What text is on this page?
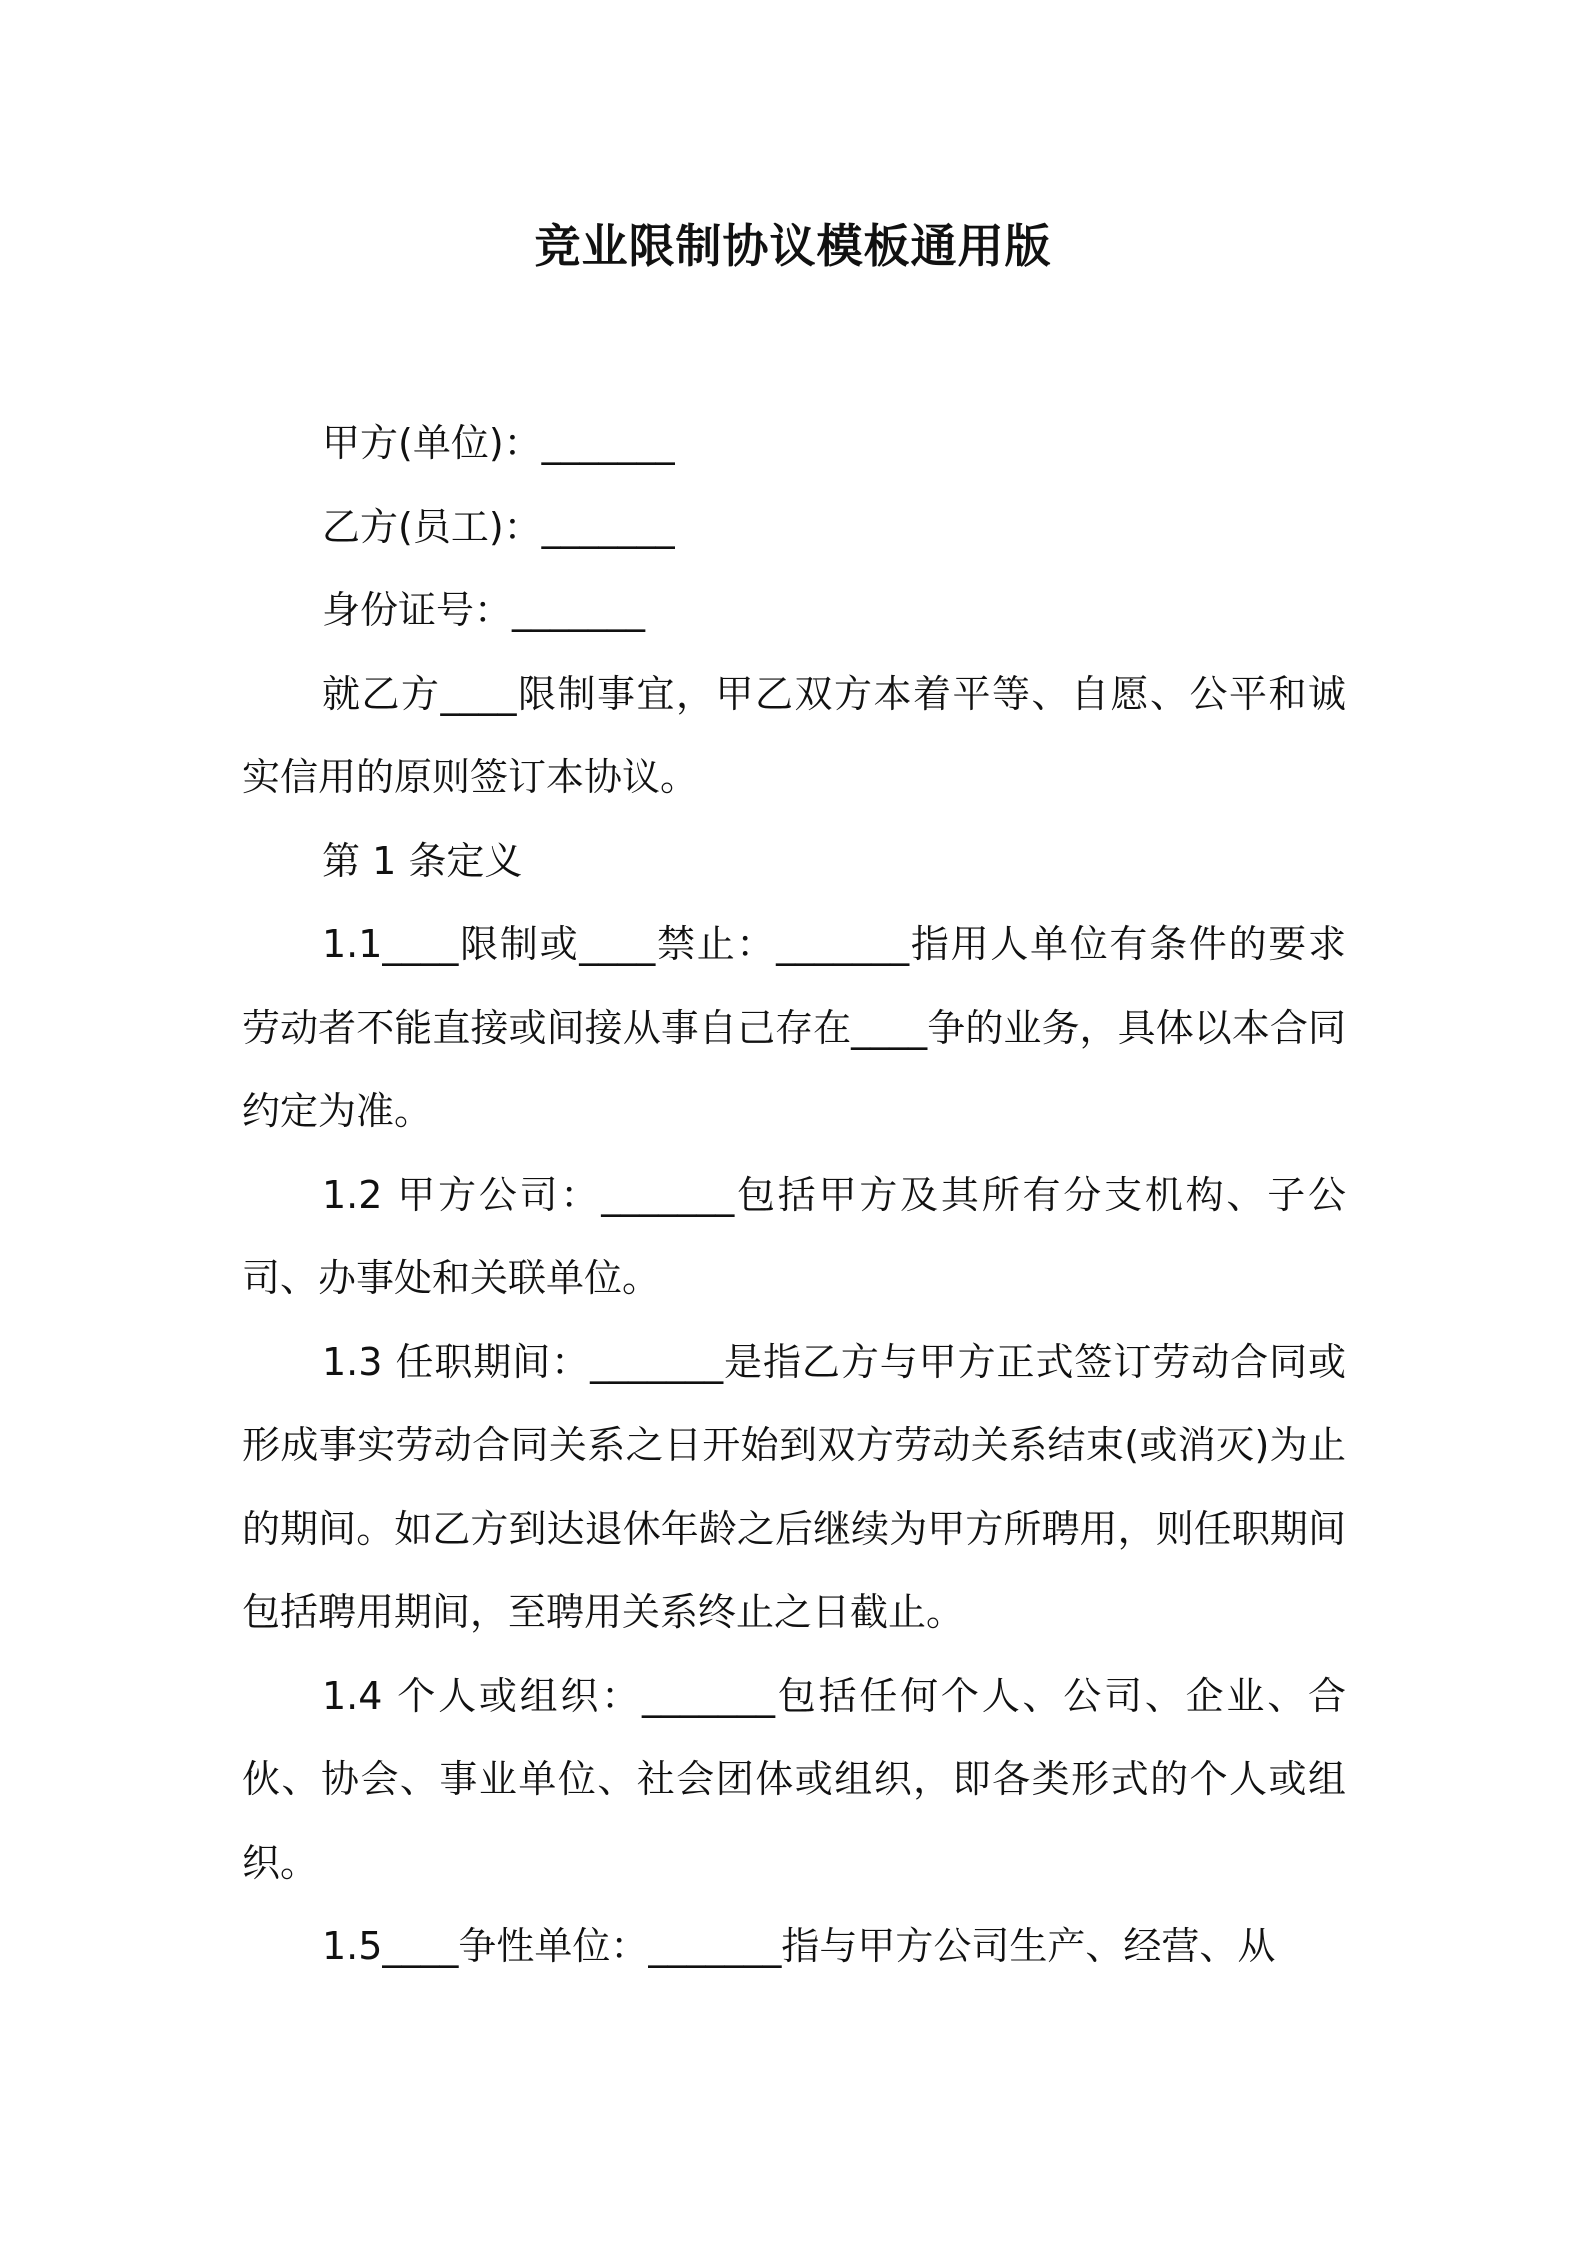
竞业限制协议模板通用版

甲方(单位)：_______

乙方(员工)：_______

身份证号：_______

就乙方____限制事宜，甲乙双方本着平等、自愿、公平和诚实信用的原则签订本协议。

第 1 条定义

1.1____限制或____禁止：_______指用人单位有条件的要求劳动者不能直接或间接从事自己存在____争的业务，具体以本合同约定为准。

1.2 甲方公司：_______包括甲方及其所有分支机构、子公司、办事处和关联单位。

1.3 任职期间：_______是指乙方与甲方正式签订劳动合同或形成事实劳动合同关系之日开始到双方劳动关系结束(或消灭)为止的期间。如乙方到达退休年龄之后继续为甲方所聘用，则任职期间包括聘用期间，至聘用关系终止之日截止。

1.4 个人或组织：_______包括任何个人、公司、企业、合伙、协会、事业单位、社会团体或组织，即各类形式的个人或组织。

1.5____争性单位：_______指与甲方公司生产、经营、从
